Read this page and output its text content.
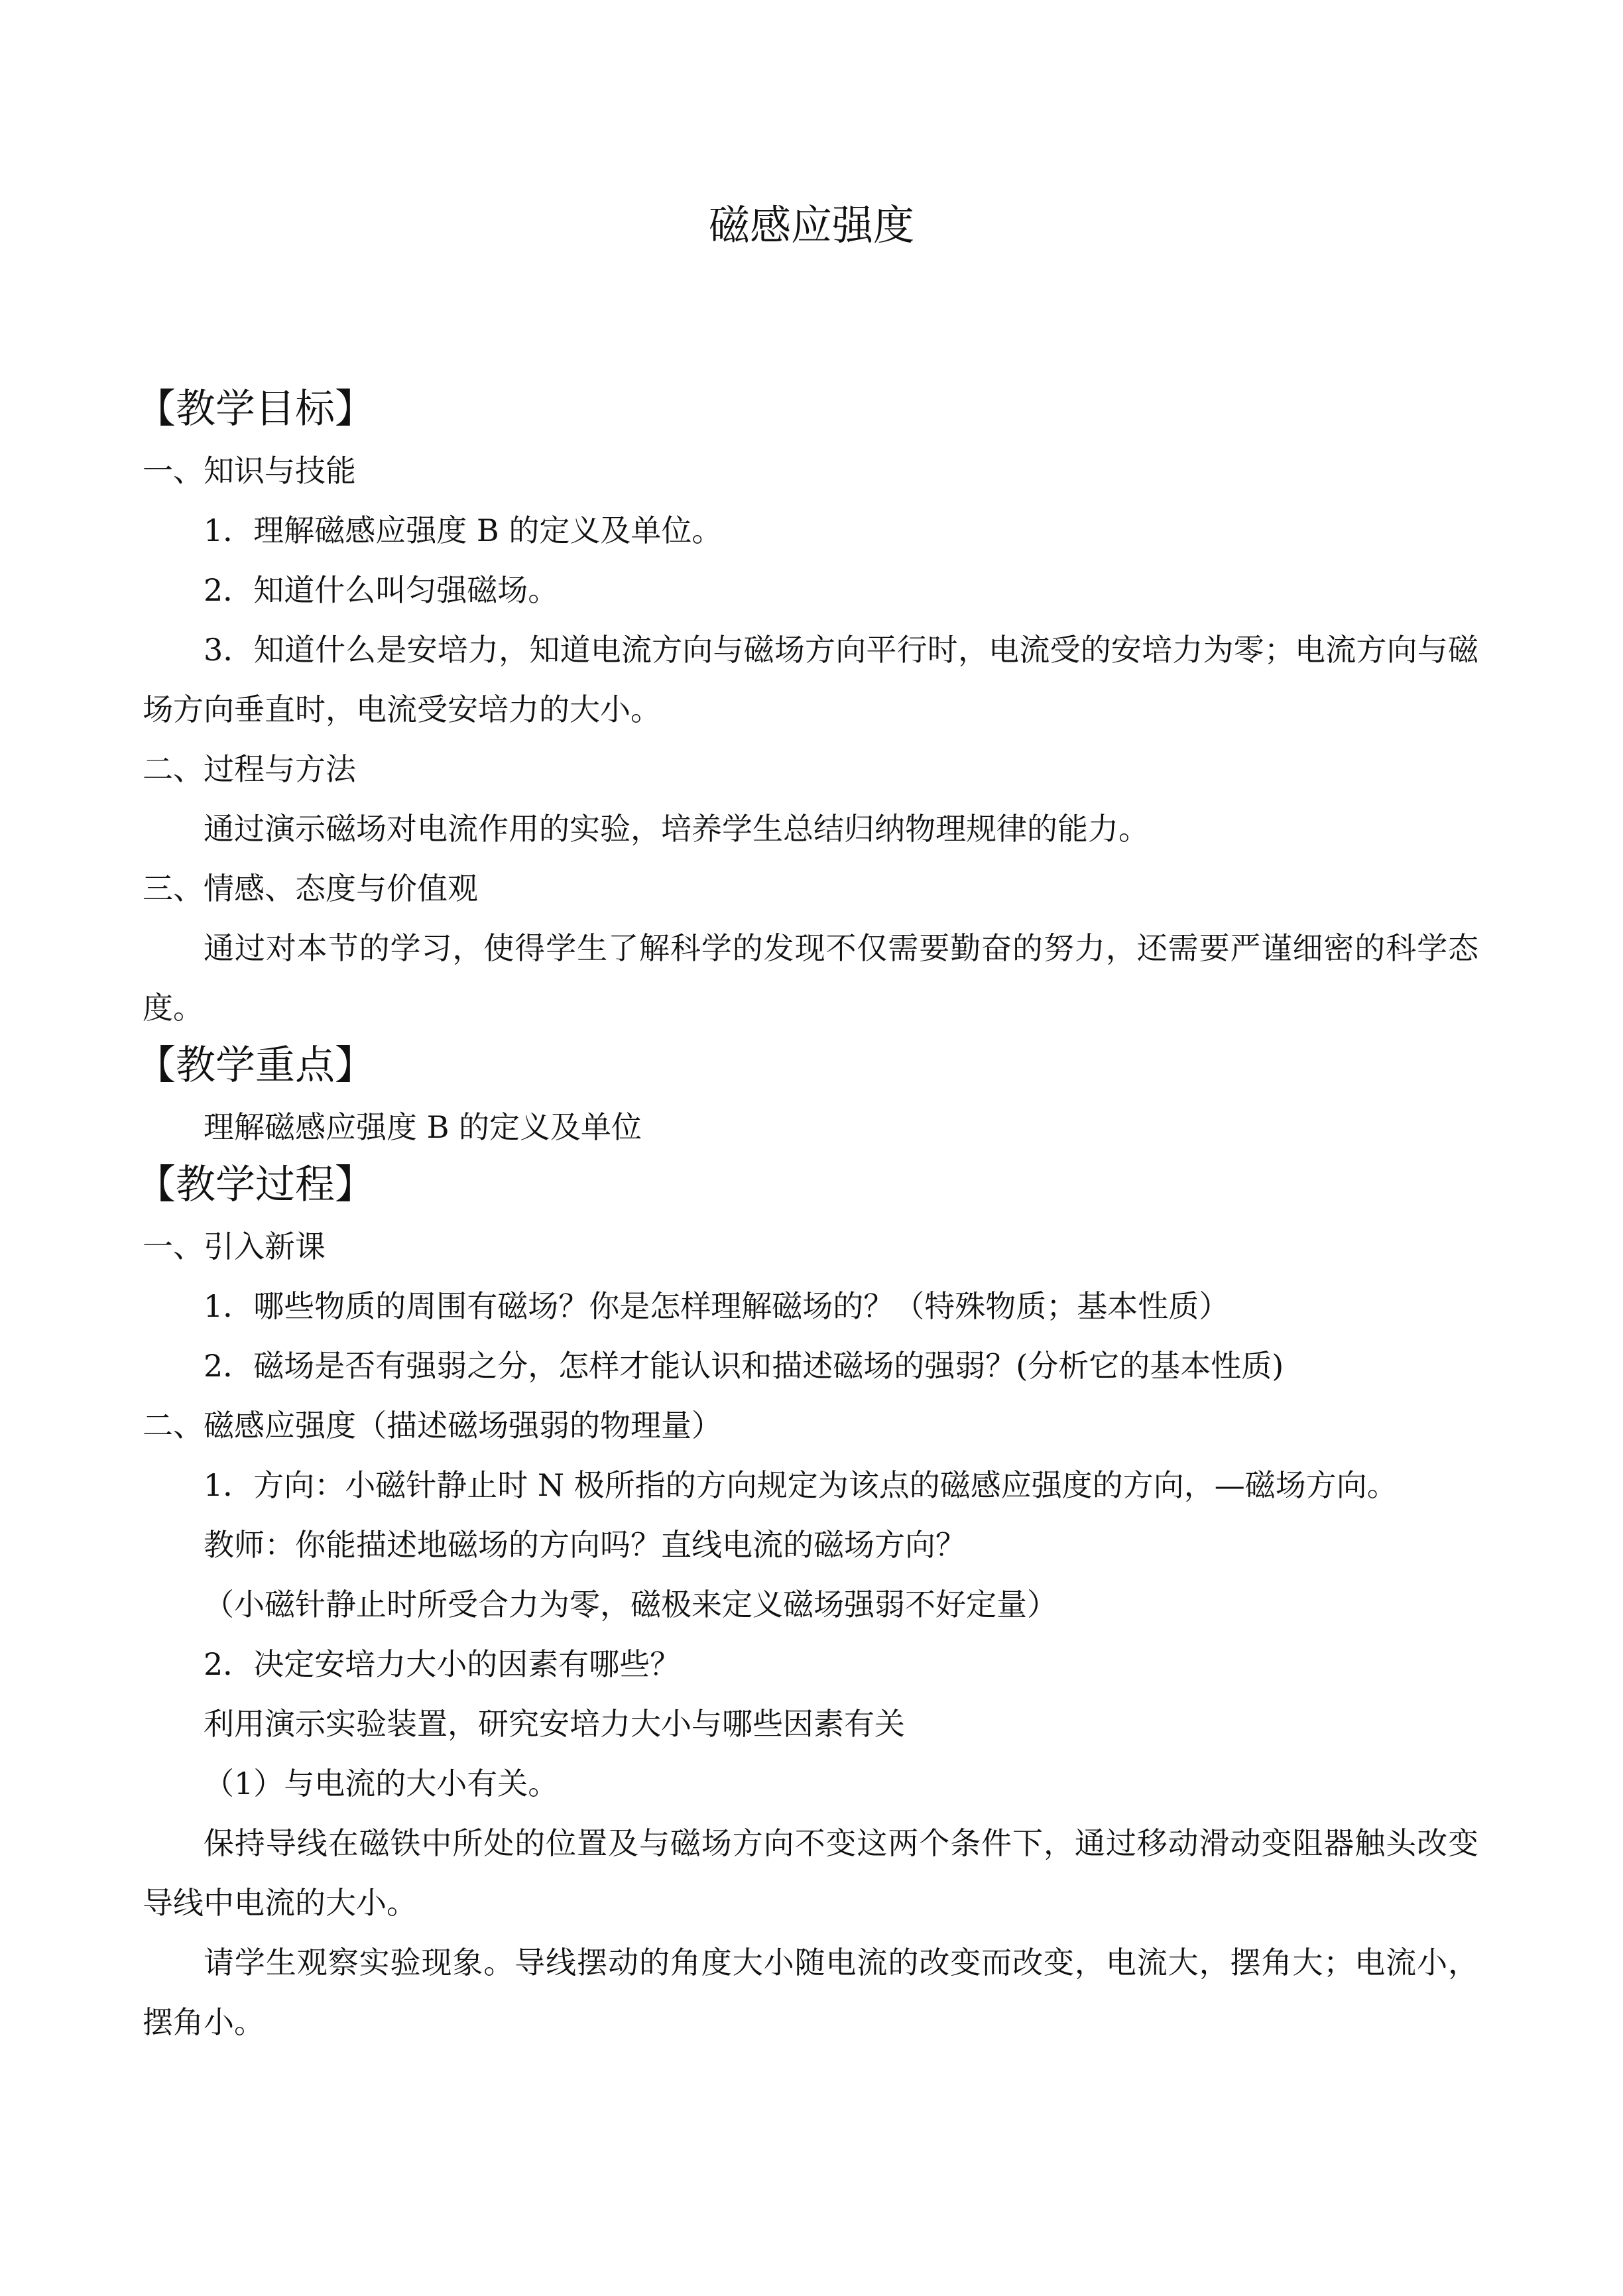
磁感应强度
【教学目标】
一、知识与技能
1．理解磁感应强度 B 的定义及单位。
2．知道什么叫匀强磁场。
3．知道什么是安培力，知道电流方向与磁场方向平行时，电流受的安培力为零；电流方向与磁场方向垂直时，电流受安培力的大小。
二、过程与方法
通过演示磁场对电流作用的实验，培养学生总结归纳物理规律的能力。
三、情感、态度与价值观
通过对本节的学习，使得学生了解科学的发现不仅需要勤奋的努力，还需要严谨细密的科学态度。
【教学重点】
理解磁感应强度 B 的定义及单位
【教学过程】
一、引入新课
1．哪些物质的周围有磁场？你是怎样理解磁场的？（特殊物质；基本性质）
2．磁场是否有强弱之分，怎样才能认识和描述磁场的强弱？(分析它的基本性质)
二、磁感应强度（描述磁场强弱的物理量）
1．方向：小磁针静止时 N 极所指的方向规定为该点的磁感应强度的方向，—磁场方向。
教师：你能描述地磁场的方向吗？直线电流的磁场方向？
（小磁针静止时所受合力为零，磁极来定义磁场强弱不好定量）
2．决定安培力大小的因素有哪些？
利用演示实验装置，研究安培力大小与哪些因素有关
（1）与电流的大小有关。
保持导线在磁铁中所处的位置及与磁场方向不变这两个条件下，通过移动滑动变阻器触头改变导线中电流的大小。
请学生观察实验现象。导线摆动的角度大小随电流的改变而改变，电流大，摆角大；电流小，摆角小。
